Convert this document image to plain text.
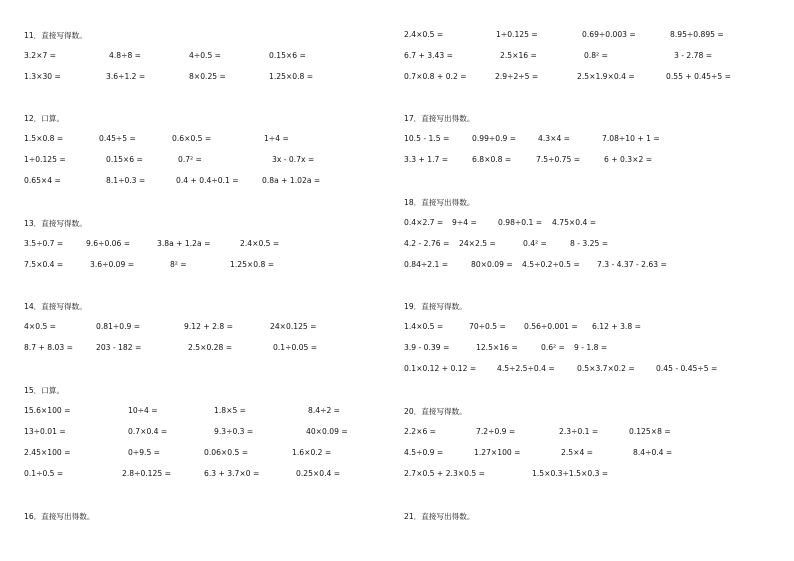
11．直接写得数。
3.2×7 =	4.8÷8 =	4÷0.5 =	0.15×6 =
1.3×30 =	3.6÷1.2 =	8×0.25 =	1.25×0.8 =
12．口算。
1.5×0.8 =	0.45÷5 =	0.6×0.5 =	1÷4 =
1÷0.125 =	0.15×6 =	0.7² =	3x - 0.7x =
0.65×4 =	8.1÷0.3 =	0.4 + 0.4÷0.1 =	0.8a + 1.02a =
13．直接写得数。
3.5÷0.7 =	9.6÷0.06 =	3.8a + 1.2a =	2.4×0.5 =
7.5×0.4 =	3.6÷0.09 =	8² =	1.25×0.8 =
14．直接写得数。
4×0.5 =	0.81÷0.9 =	9.12 + 2.8 =	24×0.125 =
8.7 + 8.03 =	203 - 182 =	2.5×0.28 =	0.1÷0.05 =
15．口算。
15.6×100 =	10÷4 =	1.8×5 =	8.4÷2 =
13÷0.01 =	0.7×0.4 =	9.3÷0.3 =	40×0.09 =
2.45×100 =	0÷9.5 =	0.06×0.5 =	1.6×0.2 =
0.1÷0.5 =	2.8÷0.125 =	6.3 + 3.7×0 =	0.25×0.4 =
16．直接写出得数。
2.4×0.5 =	1÷0.125 =	0.69÷0.003 =	8.95÷0.895 =
6.7 + 3.43 =	2.5×16 =	0.8² =	3 - 2.78 =
0.7×0.8 + 0.2 =	2.9÷2÷5 =	2.5×1.9×0.4 =	0.55 + 0.45÷5 =
17．直接写出得数。
10.5 - 1.5 =	0.99÷0.9 =	4.3×4 =	7.08÷10 + 1 =
3.3 + 1.7 =	6.8×0.8 =	7.5÷0.75 =	6 + 0.3×2 =
18．直接写出得数。
0.4×2.7 = 9÷4 =	0.98÷0.1 = 4.75×0.4 =
4.2 - 2.76 = 24×2.5 =	0.4² =	8 - 3.25 =
0.84÷2.1 =	80×0.09 = 4.5÷0.2÷0.5 = 7.3 - 4.37 - 2.63 =
19．直接写得数。
1.4×0.5 =	70÷0.5 = 0.56÷0.001 = 6.12 + 3.8 =
3.9 - 0.39 =	12.5×16 =	0.6² = 9 - 1.8 =
0.1×0.12 + 0.12 =	4.5÷2.5÷0.4 =	0.5×3.7×0.2 =	0.45 - 0.45÷5 =
20．直接写得数。
2.2×6 =	7.2÷0.9 =	2.3÷0.1 =	0.125×8 =
4.5÷0.9 =	1.27×100 =	2.5×4 =	8.4÷0.4 =
2.7×0.5 + 2.3×0.5 =	1.5×0.3÷1.5×0.3 =
21．直接写出得数。
